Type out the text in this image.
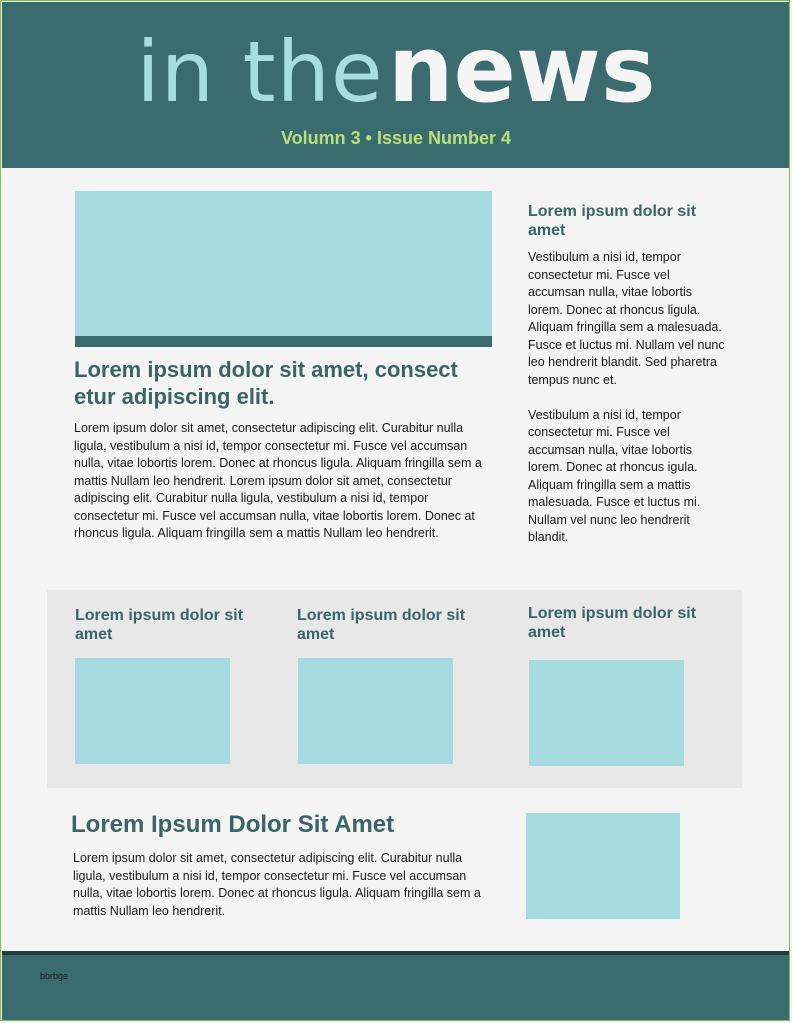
in the news
Volumn 3 • Issue Number 4
Lorem ipsum dolor sit amet, consect etur adipiscing elit.
Lorem ipsum dolor sit amet, consectetur adipiscing elit. Curabitur nulla ligula, vestibulum a nisi id, tempor consectetur mi. Fusce vel accumsan nulla, vitae lobortis lorem. Donec at rhoncus ligula. Aliquam fringilla sem a mattis Nullam leo hendrerit. Lorem ipsum dolor sit amet, consectetur adipiscing elit. Curabitur nulla ligula, vestibulum a nisi id, tempor consectetur mi. Fusce vel accumsan nulla, vitae lobortis lorem. Donec at rhoncus ligula. Aliquam fringilla sem a mattis Nullam leo hendrerit.
Lorem ipsum dolor sit amet

Vestibulum a nisi id, tempor consectetur mi. Fusce vel accumsan nulla, vitae lobortis lorem. Donec at rhoncus ligula. Aliquam fringilla sem a malesuada. Fusce et luctus mi. Nullam vel nunc leo hendrerit blandit. Sed pharetra tempus nunc et.

Vestibulum a nisi id, tempor consectetur mi. Fusce vel accumsan nulla, vitae lobortis lorem. Donec at rhoncus igula. Aliquam fringilla sem a mattis malesuada. Fusce et luctus mi. Nullam vel nunc leo hendrerit blandit.

Lorem ipsum dolor sit amet
Lorem ipsum dolor sit amet
Lorem ipsum dolor sit amet
Lorem Ipsum Dolor Sit Amet
Lorem ipsum dolor sit amet, consectetur adipiscing elit. Curabitur nulla ligula, vestibulum a nisi id, tempor consectetur mi. Fusce vel accumsan nulla, vitae lobortis lorem. Donec at rhoncus ligula. Aliquam fringilla sem a mattis Nullam leo hendrerit.
bbrbge
